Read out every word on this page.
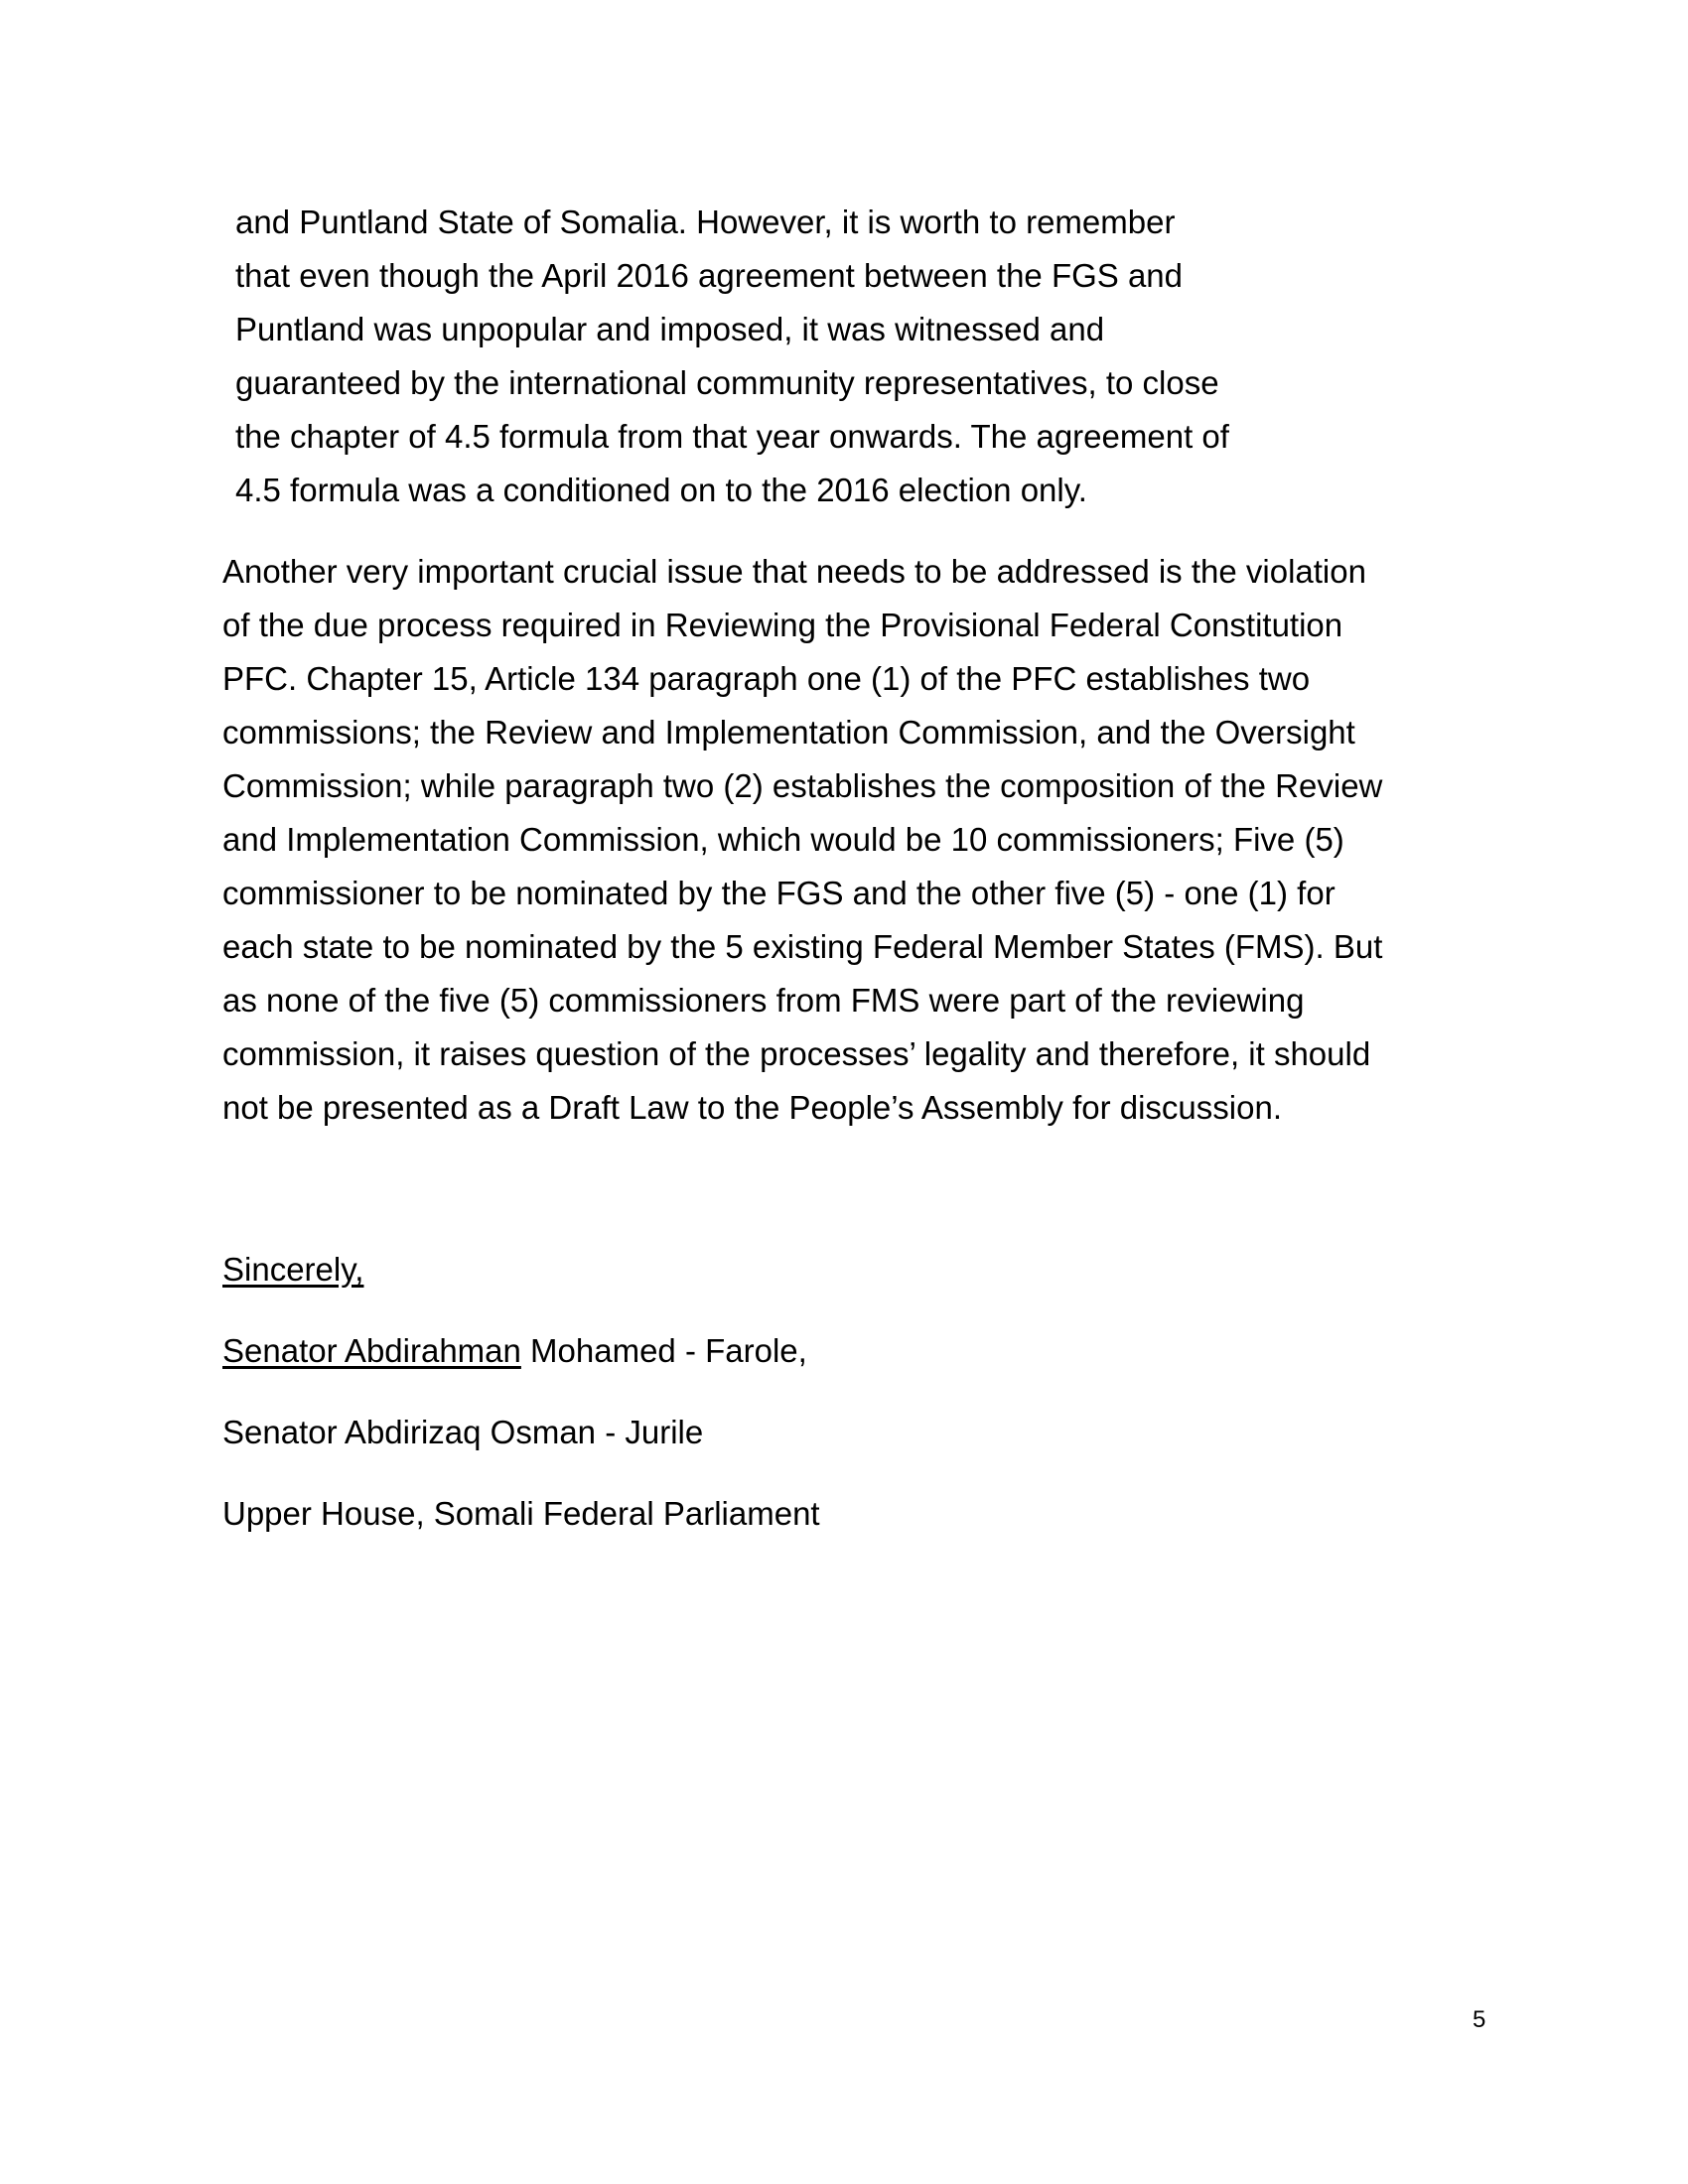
and Puntland State of Somalia. However, it is worth to remember
that even though the April 2016 agreement between the FGS and
Puntland was unpopular and imposed, it was witnessed and
guaranteed by the international community representatives, to close
the chapter of 4.5 formula from that year onwards. The agreement of
4.5 formula was a conditioned on to the 2016 election only.
Another very important crucial issue that needs to be addressed is the violation
of the due process required in Reviewing the Provisional Federal Constitution
PFC. Chapter 15, Article 134 paragraph one (1) of the PFC establishes two
commissions; the Review and Implementation Commission, and the Oversight
Commission; while paragraph two (2) establishes the composition of the Review
and Implementation Commission, which would be 10 commissioners; Five (5)
commissioner to be nominated by the FGS and the other five (5) - one (1) for
each state to be nominated by the 5 existing Federal Member States (FMS). But
as none of the five (5) commissioners from FMS were part of the reviewing
commission, it raises question of the processes’ legality and therefore, it should
not be presented as a Draft Law to the People’s Assembly for discussion.
Sincerely,
Senator Abdirahman Mohamed - Farole,
Senator Abdirizaq Osman - Jurile
Upper House, Somali Federal Parliament
5
